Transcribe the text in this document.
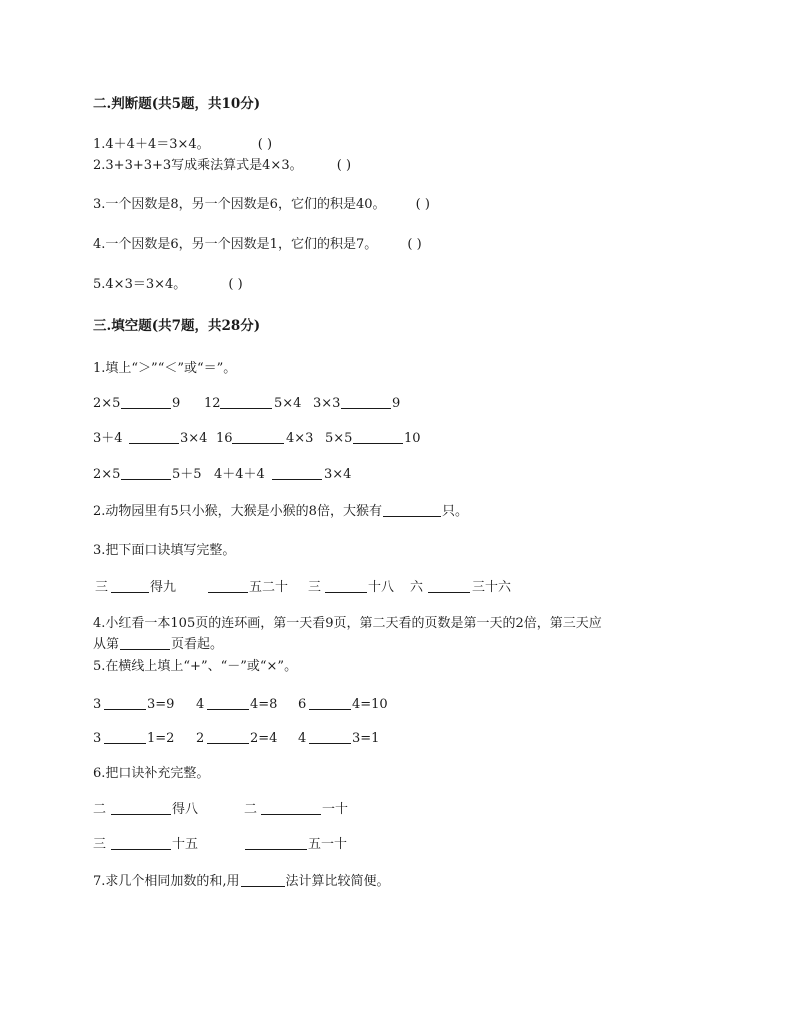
二.判断题(共5题，共10分)
1.4＋4＋4＝3×4。	( )
2.3+3+3+3写成乘法算式是4×3。	( )
3.一个因数是8，另一个因数是6，它们的积是40。 ( )
4.一个因数是6，另一个因数是1，它们的积是7。 ( )
5.4×3＝3×4。	( )
三.填空题(共7题，共28分)
1.填上“＞”“＜”或“＝”。
2×5	9 12	5×4 3×3	9
3＋4	3×4 16	4×3 5×5	10
2×5	5＋5 4＋4＋4	3×4
2.动物园里有5只小猴，大猴是小猴的8倍，大猴有	只。
3.把下面口诀填写完整。
三	得九	五二十 三	十八 六	三十六
4.小红看一本105页的连环画，第一天看9页，第二天看的页数是第一天的2倍，第三天应
从第	页看起。
5.在横线上填上“+”、“－”或“×”。
3	3=9 4	4=8 6	4=10
3	1=2 2	2=4 4	3=1
6.把口诀补充完整。
二	得八	二	一十
三	十五	五一十
7.求几个相同加数的和,用	法计算比较简便。
